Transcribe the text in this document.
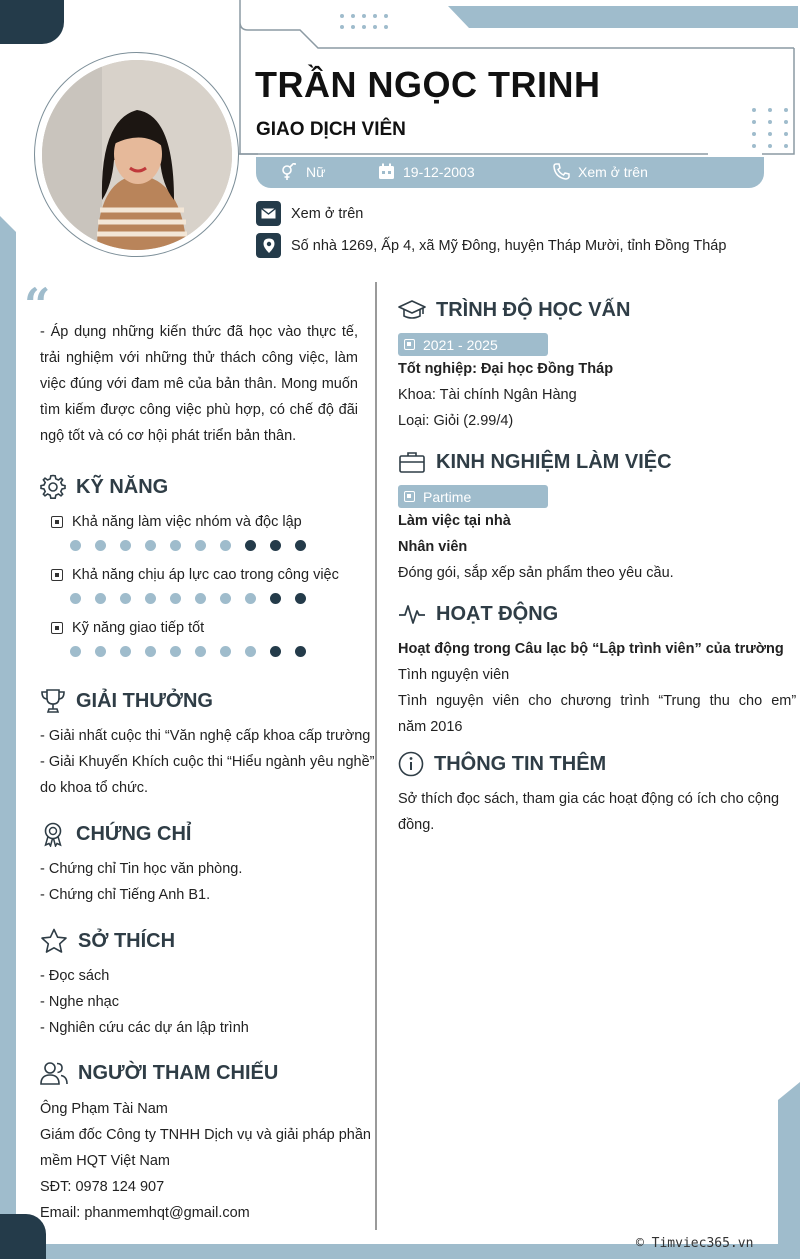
TRẦN NGỌC TRINH
GIAO DỊCH VIÊN
Nữ	19-12-2003	Xem ở trên
Xem ở trên
Số nhà 1269, Ấp 4, xã Mỹ Đông, huyện Tháp Mười, tỉnh Đồng Tháp
“
- Áp dụng những kiến thức đã học vào thực tế, trải nghiệm với những thử thách công việc, làm việc đúng với đam mê của bản thân. Mong muốn tìm kiếm được công việc phù hợp, có chế độ đãi ngộ tốt và có cơ hội phát triển bản thân.
KỸ NĂNG
Khả năng làm việc nhóm và độc lập
Khả năng chịu áp lực cao trong công việc
Kỹ năng giao tiếp tốt
GIẢI THƯỞNG
- Giải nhất cuộc thi “Văn nghệ cấp khoa cấp trường
- Giải Khuyến Khích cuộc thi “Hiểu ngành yêu nghề”
do khoa tổ chức.
CHỨNG CHỈ
- Chứng chỉ Tin học văn phòng.
- Chứng chỉ Tiếng Anh B1.
SỞ THÍCH
- Đọc sách
- Nghe nhạc
- Nghiên cứu các dự án lập trình
NGƯỜI THAM CHIẾU
Ông Phạm Tài Nam
Giám đốc Công ty TNHH Dịch vụ và giải pháp phần
mềm HQT Việt Nam
SĐT: 0978 124 907
Email: phanmemhqt@gmail.com
TRÌNH ĐỘ HỌC VẤN
2021 - 2025
Tốt nghiệp: Đại học Đồng Tháp
Khoa: Tài chính Ngân Hàng
Loại: Giỏi (2.99/4)
KINH NGHIỆM LÀM VIỆC
Partime
Làm việc tại nhà
Nhân viên
Đóng gói, sắp xếp sản phẩm theo yêu cầu.
HOẠT ĐỘNG
Hoạt động trong Câu lạc bộ “Lập trình viên” của trường
Tình nguyện viên
Tình nguyện viên cho chương trình “Trung thu cho em”
năm 2016
THÔNG TIN THÊM
Sở thích đọc sách, tham gia các hoạt động có ích cho cộng
đồng.
© Timviec365.vn
